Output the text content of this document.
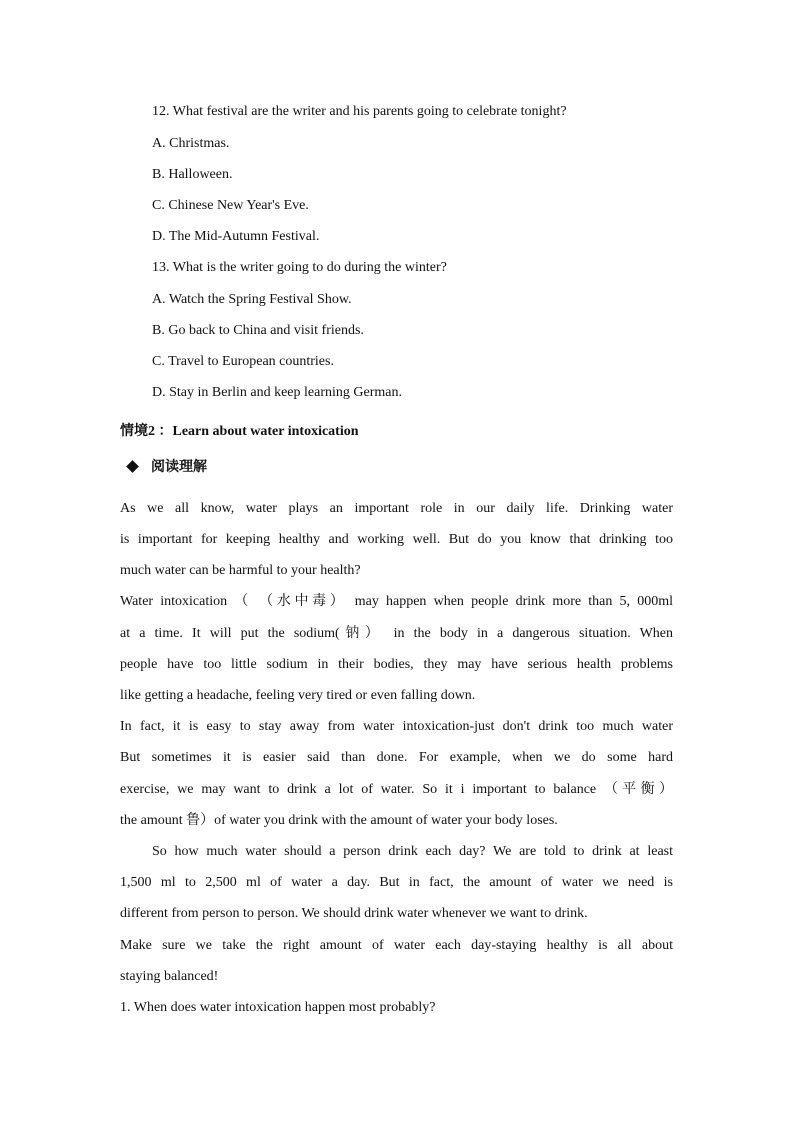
12. What festival are the writer and his parents going to celebrate tonight?
A. Christmas.
B. Halloween.
C. Chinese New Year's Eve.
D. The Mid-Autumn Festival.
13. What is the writer going to do during the winter?
A. Watch the Spring Festival Show.
B. Go back to China and visit friends.
C. Travel to European countries.
D. Stay in Berlin and keep learning German.
情境2 ：Learn about water intoxication
阅读理解
As we all know, water plays an important role in our daily life. Drinking water
is important for keeping healthy and working well. But do you know that drinking too
much water can be harmful to your health?
Water intoxication （ （水中毒） may happen when people drink more than 5, 000ml
at a time. It will put the sodium(钠） in the body in a dangerous situation. When
people have too little sodium in their bodies, they may have serious health problems
like getting a headache, feeling very tired or even falling down.
In fact, it is easy to stay away from water intoxication-just don't drink too much water
But sometimes it is easier said than done. For example, when we do some hard
exercise, we may want to drink a lot of water. So it i important to balance （平衡）
the amount 鲁）of water you drink with the amount of water your body loses.
So how much water should a person drink each day? We are told to drink at least
1,500 ml to 2,500 ml of water a day. But in fact, the amount of water we need is
different from person to person. We should drink water whenever we want to drink.
Make sure we take the right amount of water each day-staying healthy is all about
staying balanced!
1. When does water intoxication happen most probably?
